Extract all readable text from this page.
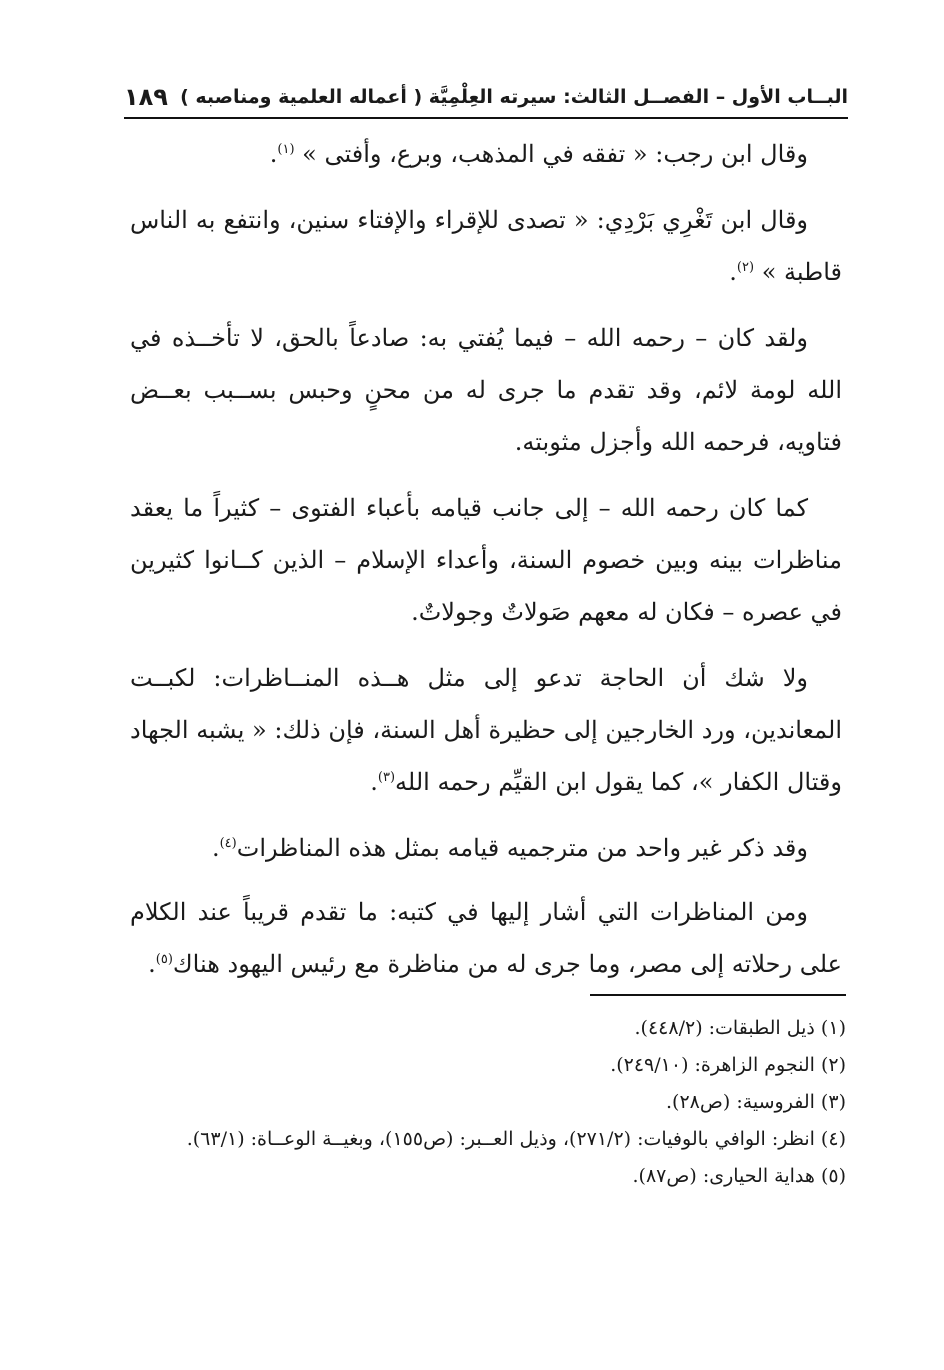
البــاب الأول – الفصــل الثالث: سيرته العِلْمِيَّة ( أعماله العلمية ومناصبه )
١٨٩

وقال ابن رجب: « تفقه في المذهب، وبرع، وأفتى » $^{(١)}$.

وقال ابن تَغْرِي بَرْدِي: « تصدى للإقراء والإفتاء سنين، وانتفع به الناس قاطبة » $^{(٢)}$.

ولقد كان – رحمه الله – فيما يُفتي به: صادعاً بالحق، لا تأخــذه في الله لومة لائم، وقد تقدم ما جرى له من محنٍ وحبس بســبب بعــض فتاويه، فرحمه الله وأجزل مثوبته.

كما كان رحمه الله – إلى جانب قيامه بأعباء الفتوى – كثيراً ما يعقد مناظرات بينه وبين خصوم السنة، وأعداء الإسلام – الذين كــانوا كثيرين في عصره – فكان له معهم صَولاتٌ وجولاتٌ.

ولا شك أن الحاجة تدعو إلى مثل هــذه المنــاظرات: لكبــت المعاندين، ورد الخارجين إلى حظيرة أهل السنة، فإن ذلك: « يشبه الجهاد وقتال الكفار »، كما يقول ابن القيِّم رحمه الله$^{(٣)}$.

وقد ذكر غير واحد من مترجميه قيامه بمثل هذه المناظرات$^{(٤)}$.

ومن المناظرات التي أشار إليها في كتبه: ما تقدم قريباً عند الكلام على رحلاته إلى مصر، وما جرى له من مناظرة مع رئيس اليهود هناك$^{(٥)}$.

(١) ذيل الطبقات: (٤٤٨/٢).
(٢) النجوم الزاهرة: (٢٤٩/١٠).
(٣) الفروسية: (ص٢٨).
(٤) انظر: الوافي بالوفيات: (٢٧١/٢)، وذيل العــبر: (ص١٥٥)، وبغيــة الوعــاة: (٦٣/١).
(٥) هداية الحيارى: (ص٨٧).
